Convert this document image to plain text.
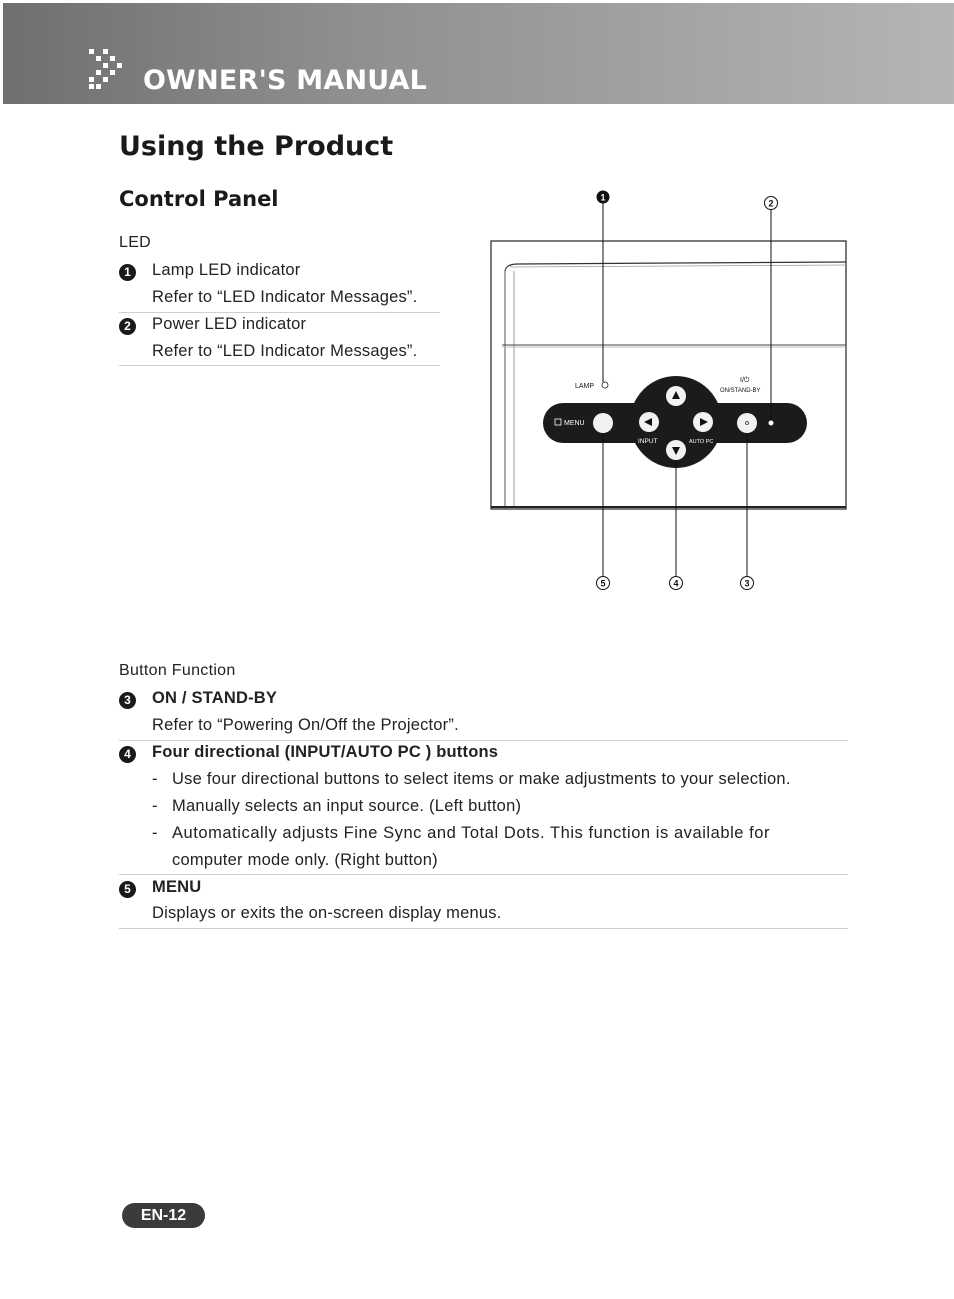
OWNER'S MANUAL
Using the Product
Control Panel
LED
1	Lamp LED indicator
Refer to “LED Indicator Messages”.
2	Power LED indicator
Refer to “LED Indicator Messages”.
LAMP
I/⏻
ON/STAND-BY
MENU
INPUT	AUTO PC
1
2
3
4
5
Button Function
3	ON / STAND-BY
Refer to “Powering On/Off the Projector”.
4	Four directional (INPUT/AUTO PC ) buttons
- Use four directional buttons to select items or make adjustments to your selection.
- Manually selects an input source. (Left button)
- Automatically adjusts Fine Sync and Total Dots. This function is available for
computer mode only. (Right button)
5	MENU
Displays or exits the on-screen display menus.
EN-12
